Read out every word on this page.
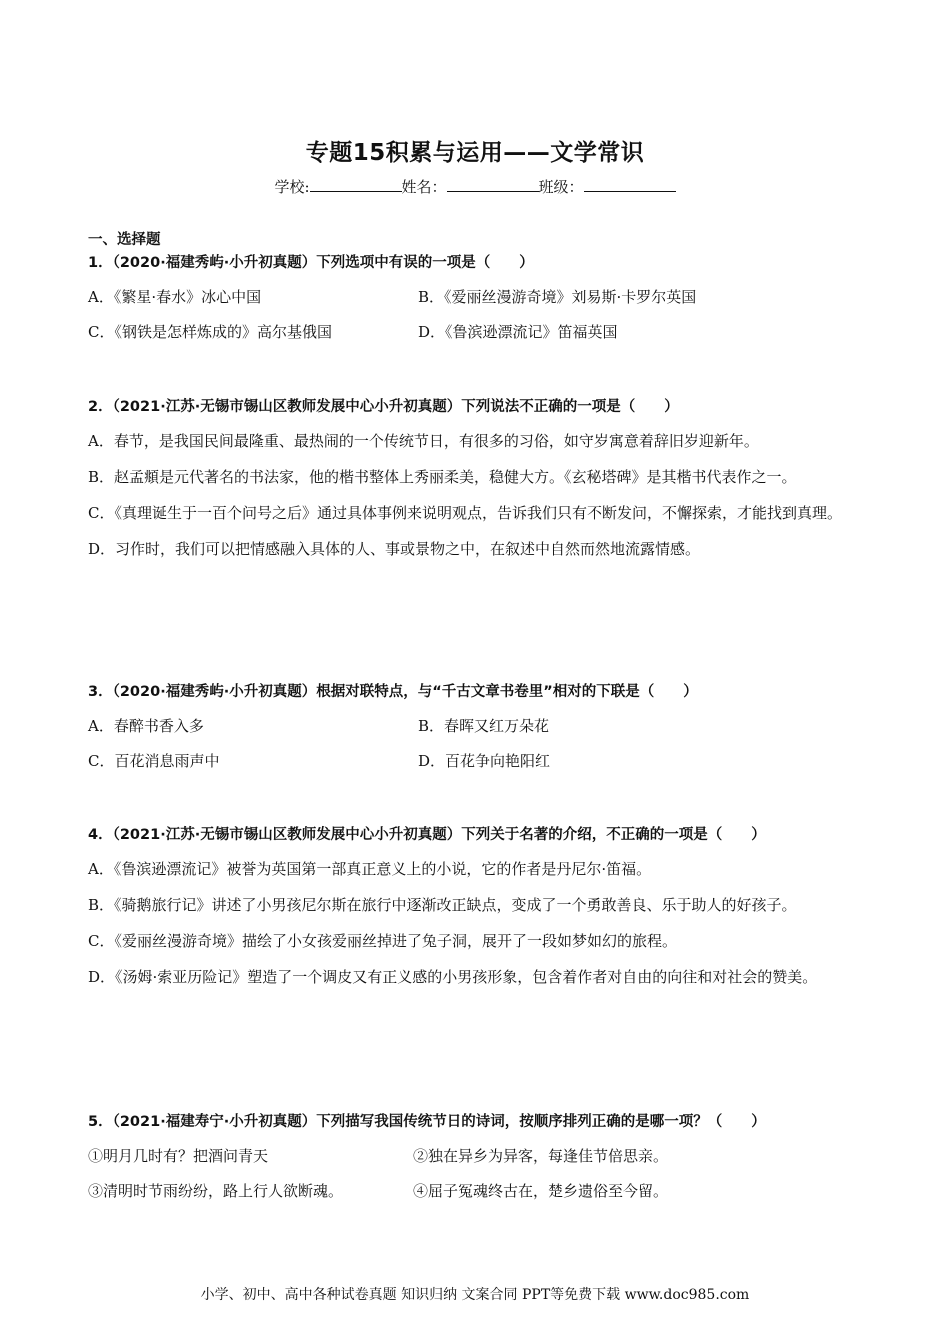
专题15积累与运用——文学常识
学校:	姓名：	班级：
一、选择题
1．（2020·福建秀屿·小升初真题）下列选项中有误的一项是（　　）
A．《繁星·春水》冰心中国	B．《爱丽丝漫游奇境》刘易斯·卡罗尔英国
C．《钢铁是怎样炼成的》高尔基俄国	D．《鲁滨逊漂流记》笛福英国
2．（2021·江苏·无锡市锡山区教师发展中心小升初真题）下列说法不正确的一项是（　　）
A．春节，是我国民间最隆重、最热闹的一个传统节日，有很多的习俗，如守岁寓意着辞旧岁迎新年。
B．赵孟頫是元代著名的书法家，他的楷书整体上秀丽柔美，稳健大方。《玄秘塔碑》是其楷书代表作之一。
C．《真理诞生于一百个问号之后》通过具体事例来说明观点，告诉我们只有不断发问，不懈探索，才能找到真理。
D．习作时，我们可以把情感融入具体的人、事或景物之中，在叙述中自然而然地流露情感。
3．（2020·福建秀屿·小升初真题）根据对联特点，与“千古文章书卷里”相对的下联是（　　）
A．春醉书香入多	B．春晖又红万朵花
C．百花消息雨声中	D．百花争向艳阳红
4．（2021·江苏·无锡市锡山区教师发展中心小升初真题）下列关于名著的介绍，不正确的一项是（　　）
A．《鲁滨逊漂流记》被誉为英国第一部真正意义上的小说，它的作者是丹尼尔·笛福。
B．《骑鹅旅行记》讲述了小男孩尼尔斯在旅行中逐渐改正缺点，变成了一个勇敢善良、乐于助人的好孩子。
C．《爱丽丝漫游奇境》描绘了小女孩爱丽丝掉进了兔子洞，展开了一段如梦如幻的旅程。
D．《汤姆·索亚历险记》塑造了一个调皮又有正义感的小男孩形象，包含着作者对自由的向往和对社会的赞美。
5．（2021·福建寿宁·小升初真题）下列描写我国传统节日的诗词，按顺序排列正确的是哪一项？（　　）
①明月几时有？把酒问青天	②独在异乡为异客，每逢佳节倍思亲。
③清明时节雨纷纷，路上行人欲断魂。	④屈子冤魂终古在，楚乡遗俗至今留。
小学、初中、高中各种试卷真题 知识归纳 文案合同 PPT等免费下载 www.doc985.com
